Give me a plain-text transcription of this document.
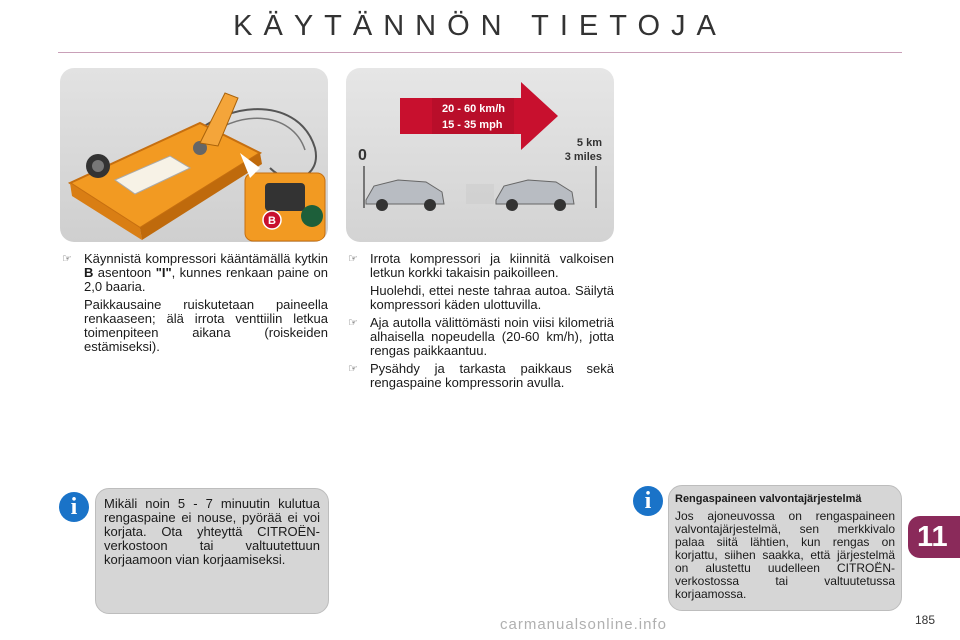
KÄYTÄNNÖN TIETOJA
B
20 - 60 km/h
15 - 35 mph
0
5 km
3 miles
☞ Käynnistä kompressori kääntämällä kytkin B asentoon "I", kunnes renkaan paine on 2,0 baaria.
Paikkausaine ruiskutetaan paineella renkaaseen; älä irrota venttiilin letkua toimenpiteen aikana (roiskeiden estämiseksi).
☞ Irrota kompressori ja kiinnitä valkoisen letkun korkki takaisin paikoilleen.
Huolehdi, ettei neste tahraa autoa. Säilytä kompressori käden ulottuvilla.
☞ Aja autolla välittömästi noin viisi kilometriä alhaisella nopeudella (20-60 km/h), jotta rengas paikkaantuu.
☞ Pysähdy ja tarkasta paikkaus sekä rengaspaine kompressorin avulla.
i	Mikäli noin 5 - 7 minuutin kulutua rengaspaine ei nouse, pyörää ei voi korjata. Ota yhteyttä CITROËN-verkostoon tai valtuutettuun korjaamoon vian korjaamiseksi.
i	Rengaspaineen valvontajärjestelmä
Jos ajoneuvossa on rengaspaineen valvontajärjestelmä, sen merkkivalo palaa siitä lähtien, kun rengas on korjattu, siihen saakka, että järjestelmä on alustettu uudelleen CITROËN-verkostossa tai valtuutetussa korjaamossa.
11
185
carmanualsonline.info
